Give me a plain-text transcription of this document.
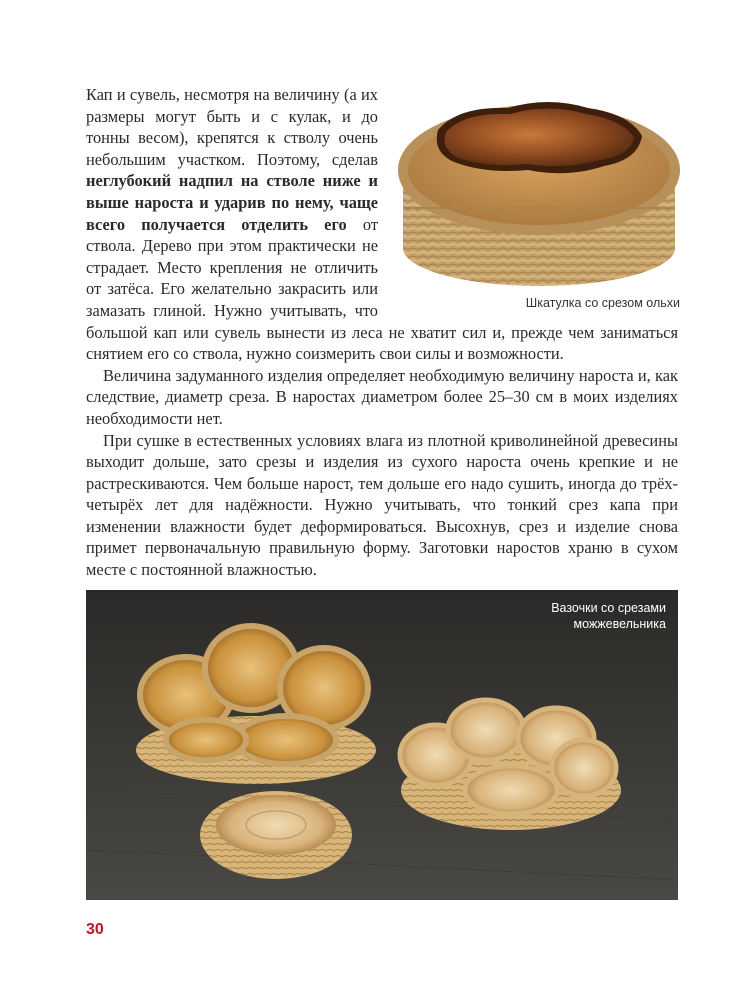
Шкатулка со срезом ольхи

Кап и сувель, несмотря на величину (а их размеры могут быть и с кулак, и до тонны весом), крепятся к стволу очень небольшим участком. Поэтому, сделав неглубокий надпил на стволе ниже и выше нароста и ударив по нему, чаще всего получается отделить его от ствола. Дерево при этом практически не страдает. Место крепления не отличить от затёса. Его желательно закрасить или замазать глиной. Нужно учитывать, что большой кап или сувель вынести из леса не хватит сил и, прежде чем заниматься снятием его со ствола, нужно соизмерить свои силы и возможности.

Величина задуманного изделия определяет необходимую величину нароста и, как следствие, диаметр среза. В наростах диаметром более 25–30 см в моих изделиях необходимости нет.

При сушке в естественных условиях влага из плотной криволинейной древесины выходит дольше, зато срезы и изделия из сухого нароста очень крепкие и не растрескиваются. Чем больше нарост, тем дольше его надо сушить, иногда до трёх-четырёх лет для надёжности. Нужно учитывать, что тонкий срез капа при изменении влажности будет деформироваться. Высохнув, срез и изделие снова примет первоначальную правильную форму. Заготовки наростов храню в сухом месте с постоянной влажностью.

Вазочки со срезами
можжевельника
30
